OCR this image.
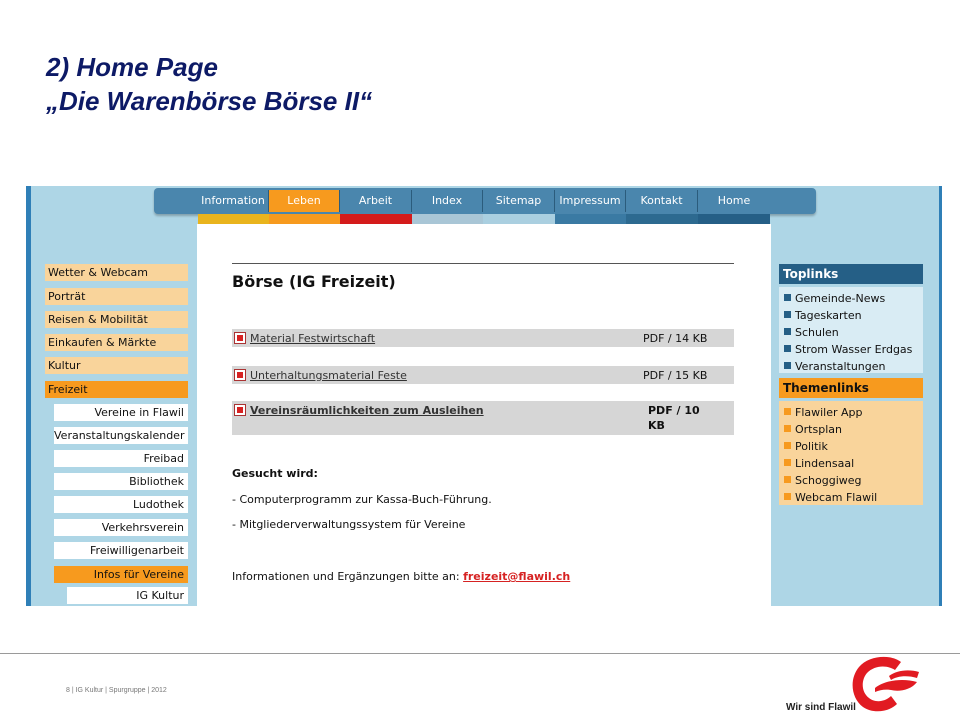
2) Home Page
„Die Warenbörse Börse II“
Information	Leben	Arbeit	Index	Sitemap	Impressum	Kontakt	Home
Börse (IG Freizeit)
Material Festwirtschaft	PDF / 14 KB
Unterhaltungsmaterial Feste	PDF / 15 KB
Vereinsräumlichkeiten zum Ausleihen	PDF / 10
KB
Gesucht wird:
- Computerprogramm zur Kassa-Buch-Führung.
- Mitgliederverwaltungssystem für Vereine
Informationen und Ergänzungen bitte an: freizeit@flawil.ch
Wetter & Webcam
Porträt
Reisen & Mobilität
Einkaufen & Märkte
Kultur
Freizeit
Vereine in Flawil
Veranstaltungskalender
Freibad
Bibliothek
Ludothek
Verkehrsverein
Freiwilligenarbeit
Infos für Vereine
IG Kultur
Toplinks
Gemeinde-News
Tageskarten
Schulen
Strom Wasser Erdgas
Veranstaltungen
Themenlinks
Flawiler App
Ortsplan
Politik
Lindensaal
Schoggiweg
Webcam Flawil
8 | IG Kultur | Spurgruppe | 2012
Wir sind Flawil
